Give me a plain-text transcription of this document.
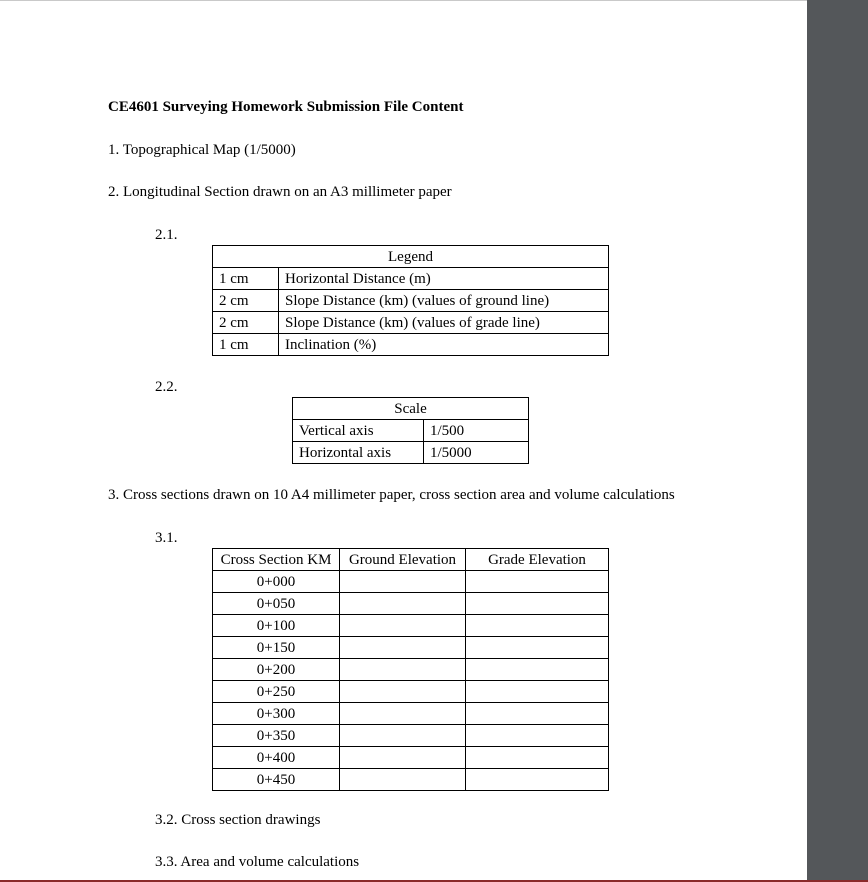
CE4601 Surveying Homework Submission File Content
1. Topographical Map (1/5000)
2. Longitudinal Section drawn on an A3 millimeter paper
2.1.
Legend	
1 cm	Horizontal Distance (m)
2 cm	Slope Distance (km) (values of ground line)
2 cm	Slope Distance (km) (values of grade line)
1 cm	Inclination (%)
2.2.
Scale	
Vertical axis	1/500
Horizontal axis	1/5000
3. Cross sections drawn on 10 A4 millimeter paper, cross section area and volume calculations
3.1.
Cross Section KM	Ground Elevation	Grade Elevation
0+000		
0+050		
0+100		
0+150		
0+200		
0+250		
0+300		
0+350		
0+400		
0+450		
3.2. Cross section drawings
3.3. Area and volume calculations
